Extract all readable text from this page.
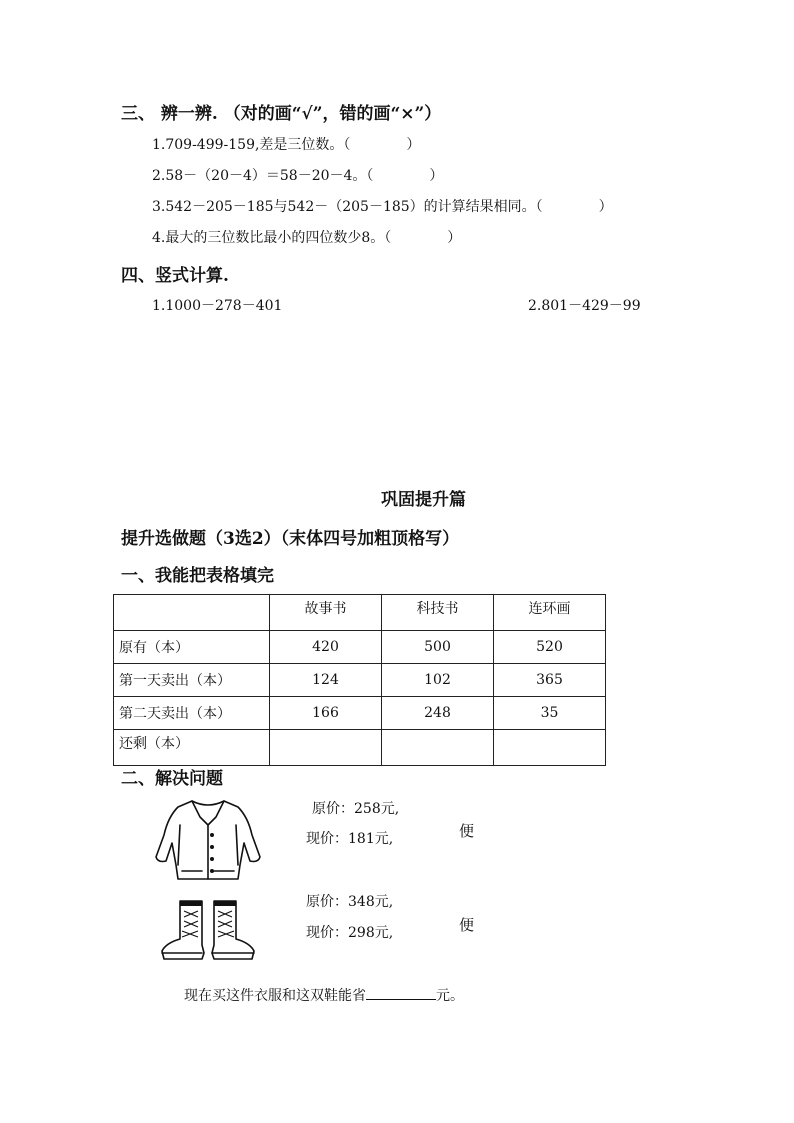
三、 辨一辨. （对的画“√”，错的画“×”）
1.709-499-159,差是三位数。（　　　　）
2.58－（20－4）＝58－20－4。（　　　　）
3.542－205－185与542－（205－185）的计算结果相同。（　　　　）
4.最大的三位数比最小的四位数少8。（　　　　）
四、竖式计算.
1.1000－278－401	2.801－429－99
巩固提升篇
提升选做题（3选2）（末体四号加粗顶格写）
一、我能把表格填完
	故事书	科技书	连环画
原有（本）	420	500	520
第一天卖出（本）	124	102	365
第二天卖出（本）	166	248	35
还剩（本）			
二、解决问题
原价：258元,
现价：181元,	便
原价：348元,
现价：298元,	便
现在买这件衣服和这双鞋能省	元。
